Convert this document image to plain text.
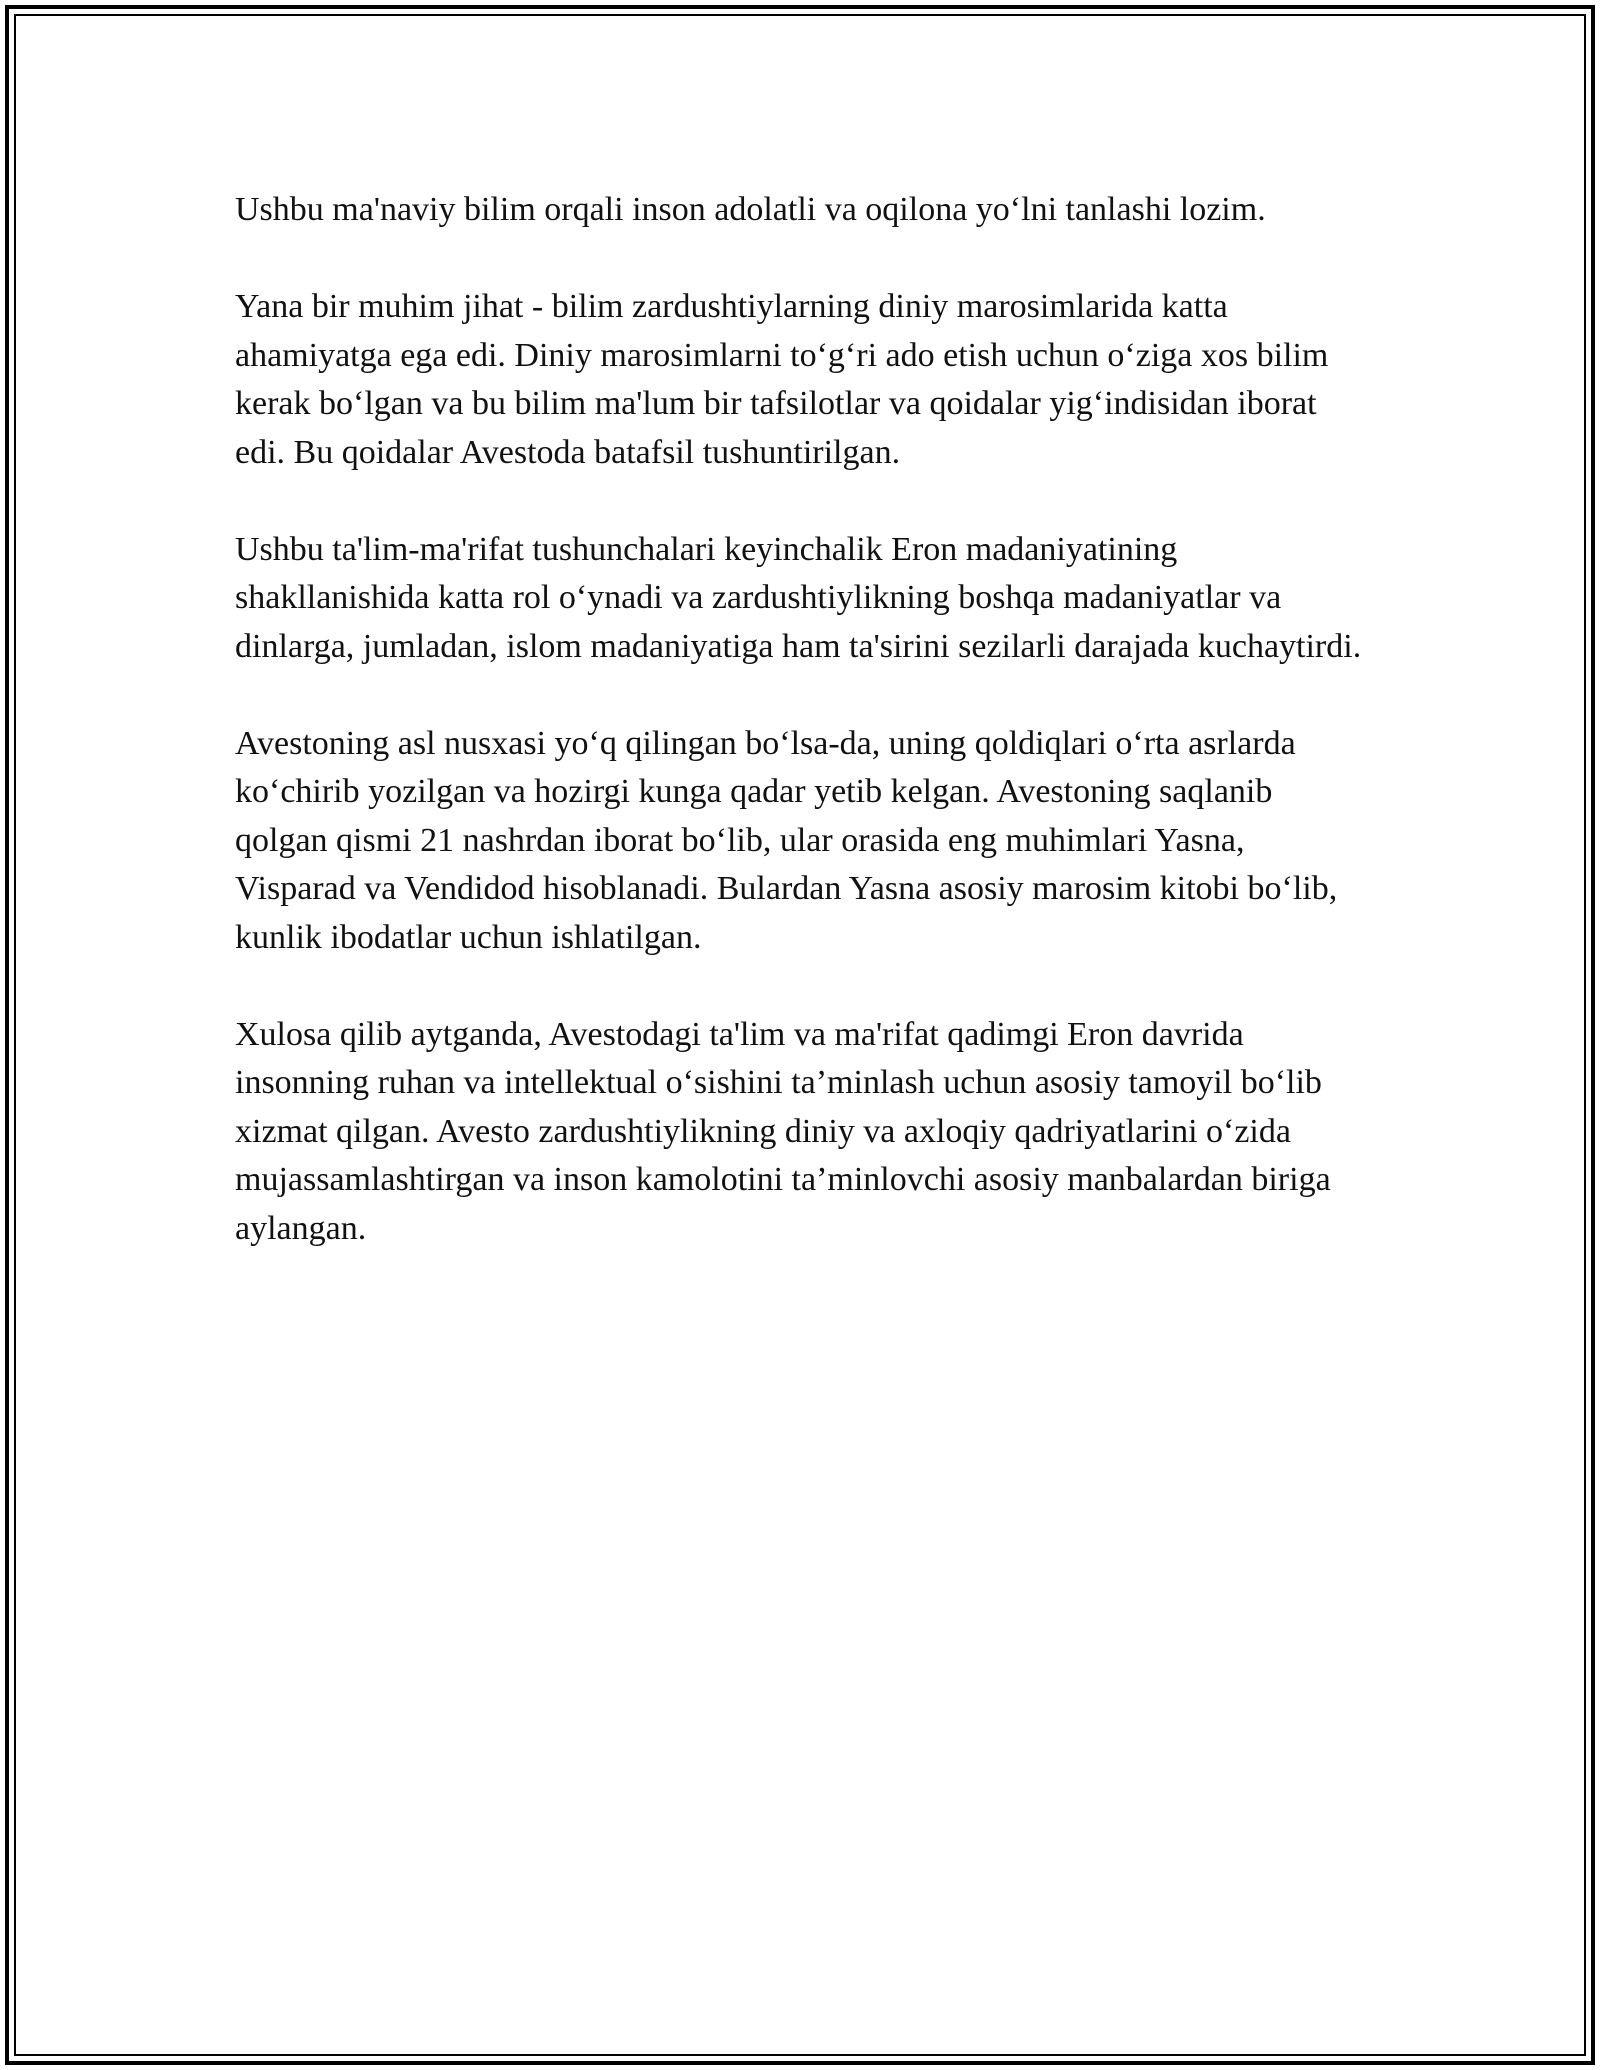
Ushbu ma'naviy bilim orqali inson adolatli va oqilona yo‘lni tanlashi lozim.

Yana bir muhim jihat - bilim zardushtiylarning diniy marosimlarida katta ahamiyatga ega edi. Diniy marosimlarni to‘g‘ri ado etish uchun o‘ziga xos bilim kerak bo‘lgan va bu bilim ma'lum bir tafsilotlar va qoidalar yig‘indisidan iborat edi. Bu qoidalar Avestoda batafsil tushuntirilgan.

Ushbu ta'lim-ma'rifat tushunchalari keyinchalik Eron madaniyatining shakllanishida katta rol o‘ynadi va zardushtiylikning boshqa madaniyatlar va dinlarga, jumladan, islom madaniyatiga ham ta'sirini sezilarli darajada kuchaytirdi.

Avestoning asl nusxasi yo‘q qilingan bo‘lsa-da, uning qoldiqlari o‘rta asrlarda ko‘chirib yozilgan va hozirgi kunga qadar yetib kelgan. Avestoning saqlanib qolgan qismi 21 nashrdan iborat bo‘lib, ular orasida eng muhimlari Yasna, Visparad va Vendidod hisoblanadi. Bulardan Yasna asosiy marosim kitobi bo‘lib, kunlik ibodatlar uchun ishlatilgan.

Xulosa qilib aytganda, Avestodagi ta'lim va ma'rifat qadimgi Eron davrida insonning ruhan va intellektual o‘sishini ta’minlash uchun asosiy tamoyil bo‘lib xizmat qilgan. Avesto zardushtiylikning diniy va axloqiy qadriyatlarini o‘zida mujassamlashtirgan va inson kamolotini ta’minlovchi asosiy manbalardan biriga aylangan.
